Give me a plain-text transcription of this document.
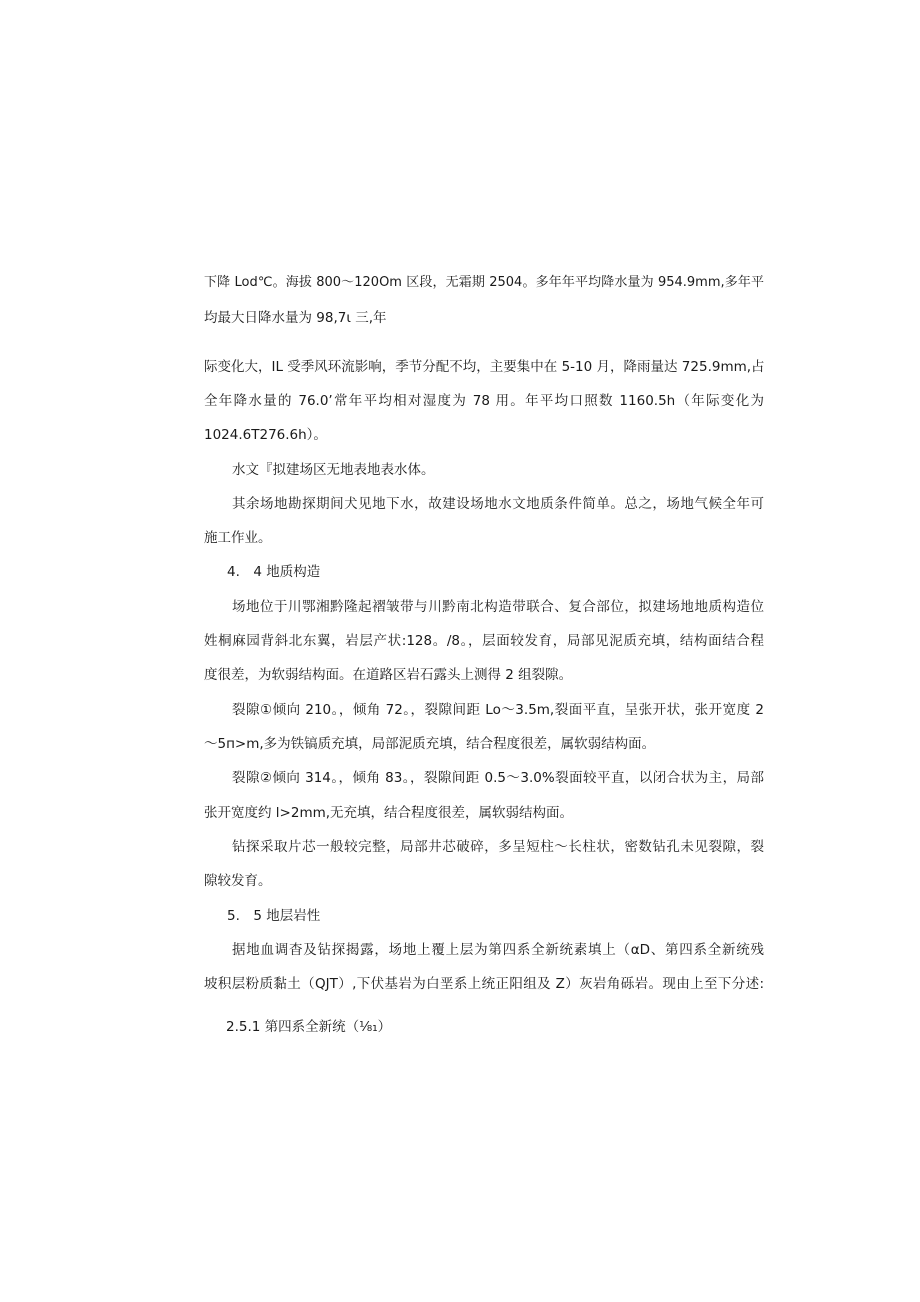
下降 Lod℃。海拔 800～120Om 区段，无霜期 2504。多年年平均降水量为 954.9mm,多年平
均最大日降水量为 98,7ι 三,年
际变化大，IL 受季风环流影响，季节分配不均，主要集中在 5-10 月，降雨量达 725.9mm,占
全年降水量的 76.0’常年平均相对湿度为 78 用。年平均口照数 1160.5h（年际变化为
1024.6T276.6h）。
水文『拟建场区无地表地表水体。
其余场地勘探期间犬见地下水，故建设场地水文地质条件简单。总之，场地气候全年可
施工作业。
4.　4 地质构造
场地位于川鄂湘黔隆起褶皱带与川黔南北构造带联合、复合部位，拟建场地地质构造位
姓桐麻园背斜北东翼，岩层产状:128。/8。，层面较发育，局部见泥质充填，结构面结合程
度很差，为软弱结构面。在道路区岩石露头上测得 2 组裂隙。
裂隙①倾向 210。，倾角 72。，裂隙间距 Lo～3.5m,裂面平直，呈张开状，张开宽度 2
～5п>m,多为铁镐质充填，局部泥质充填，结合程度很差，属软弱结构面。
裂隙②倾向 314。，倾角 83。，裂隙间距 0.5～3.0%裂面较平直，以闭合状为主，局部
张开宽度约 l>2mm,无充填，结合程度很差，属软弱结构面。
钻探采取片芯一般较完整，局部井芯破碎，多呈短柱〜长柱状，密数钻孔未见裂隙，裂
隙较发育。
5.　5 地层岩性
据地血调杳及钻探揭露，场地上覆上层为第四系全新统素填上（αD、第四系全新统残
坡积层粉质黏土（QJT）,下伏基岩为白垩系上统正阳组及 Z）灰岩角砾岩。现由上至下分述:
2.5.1 第四系全新统（⅛₁）
